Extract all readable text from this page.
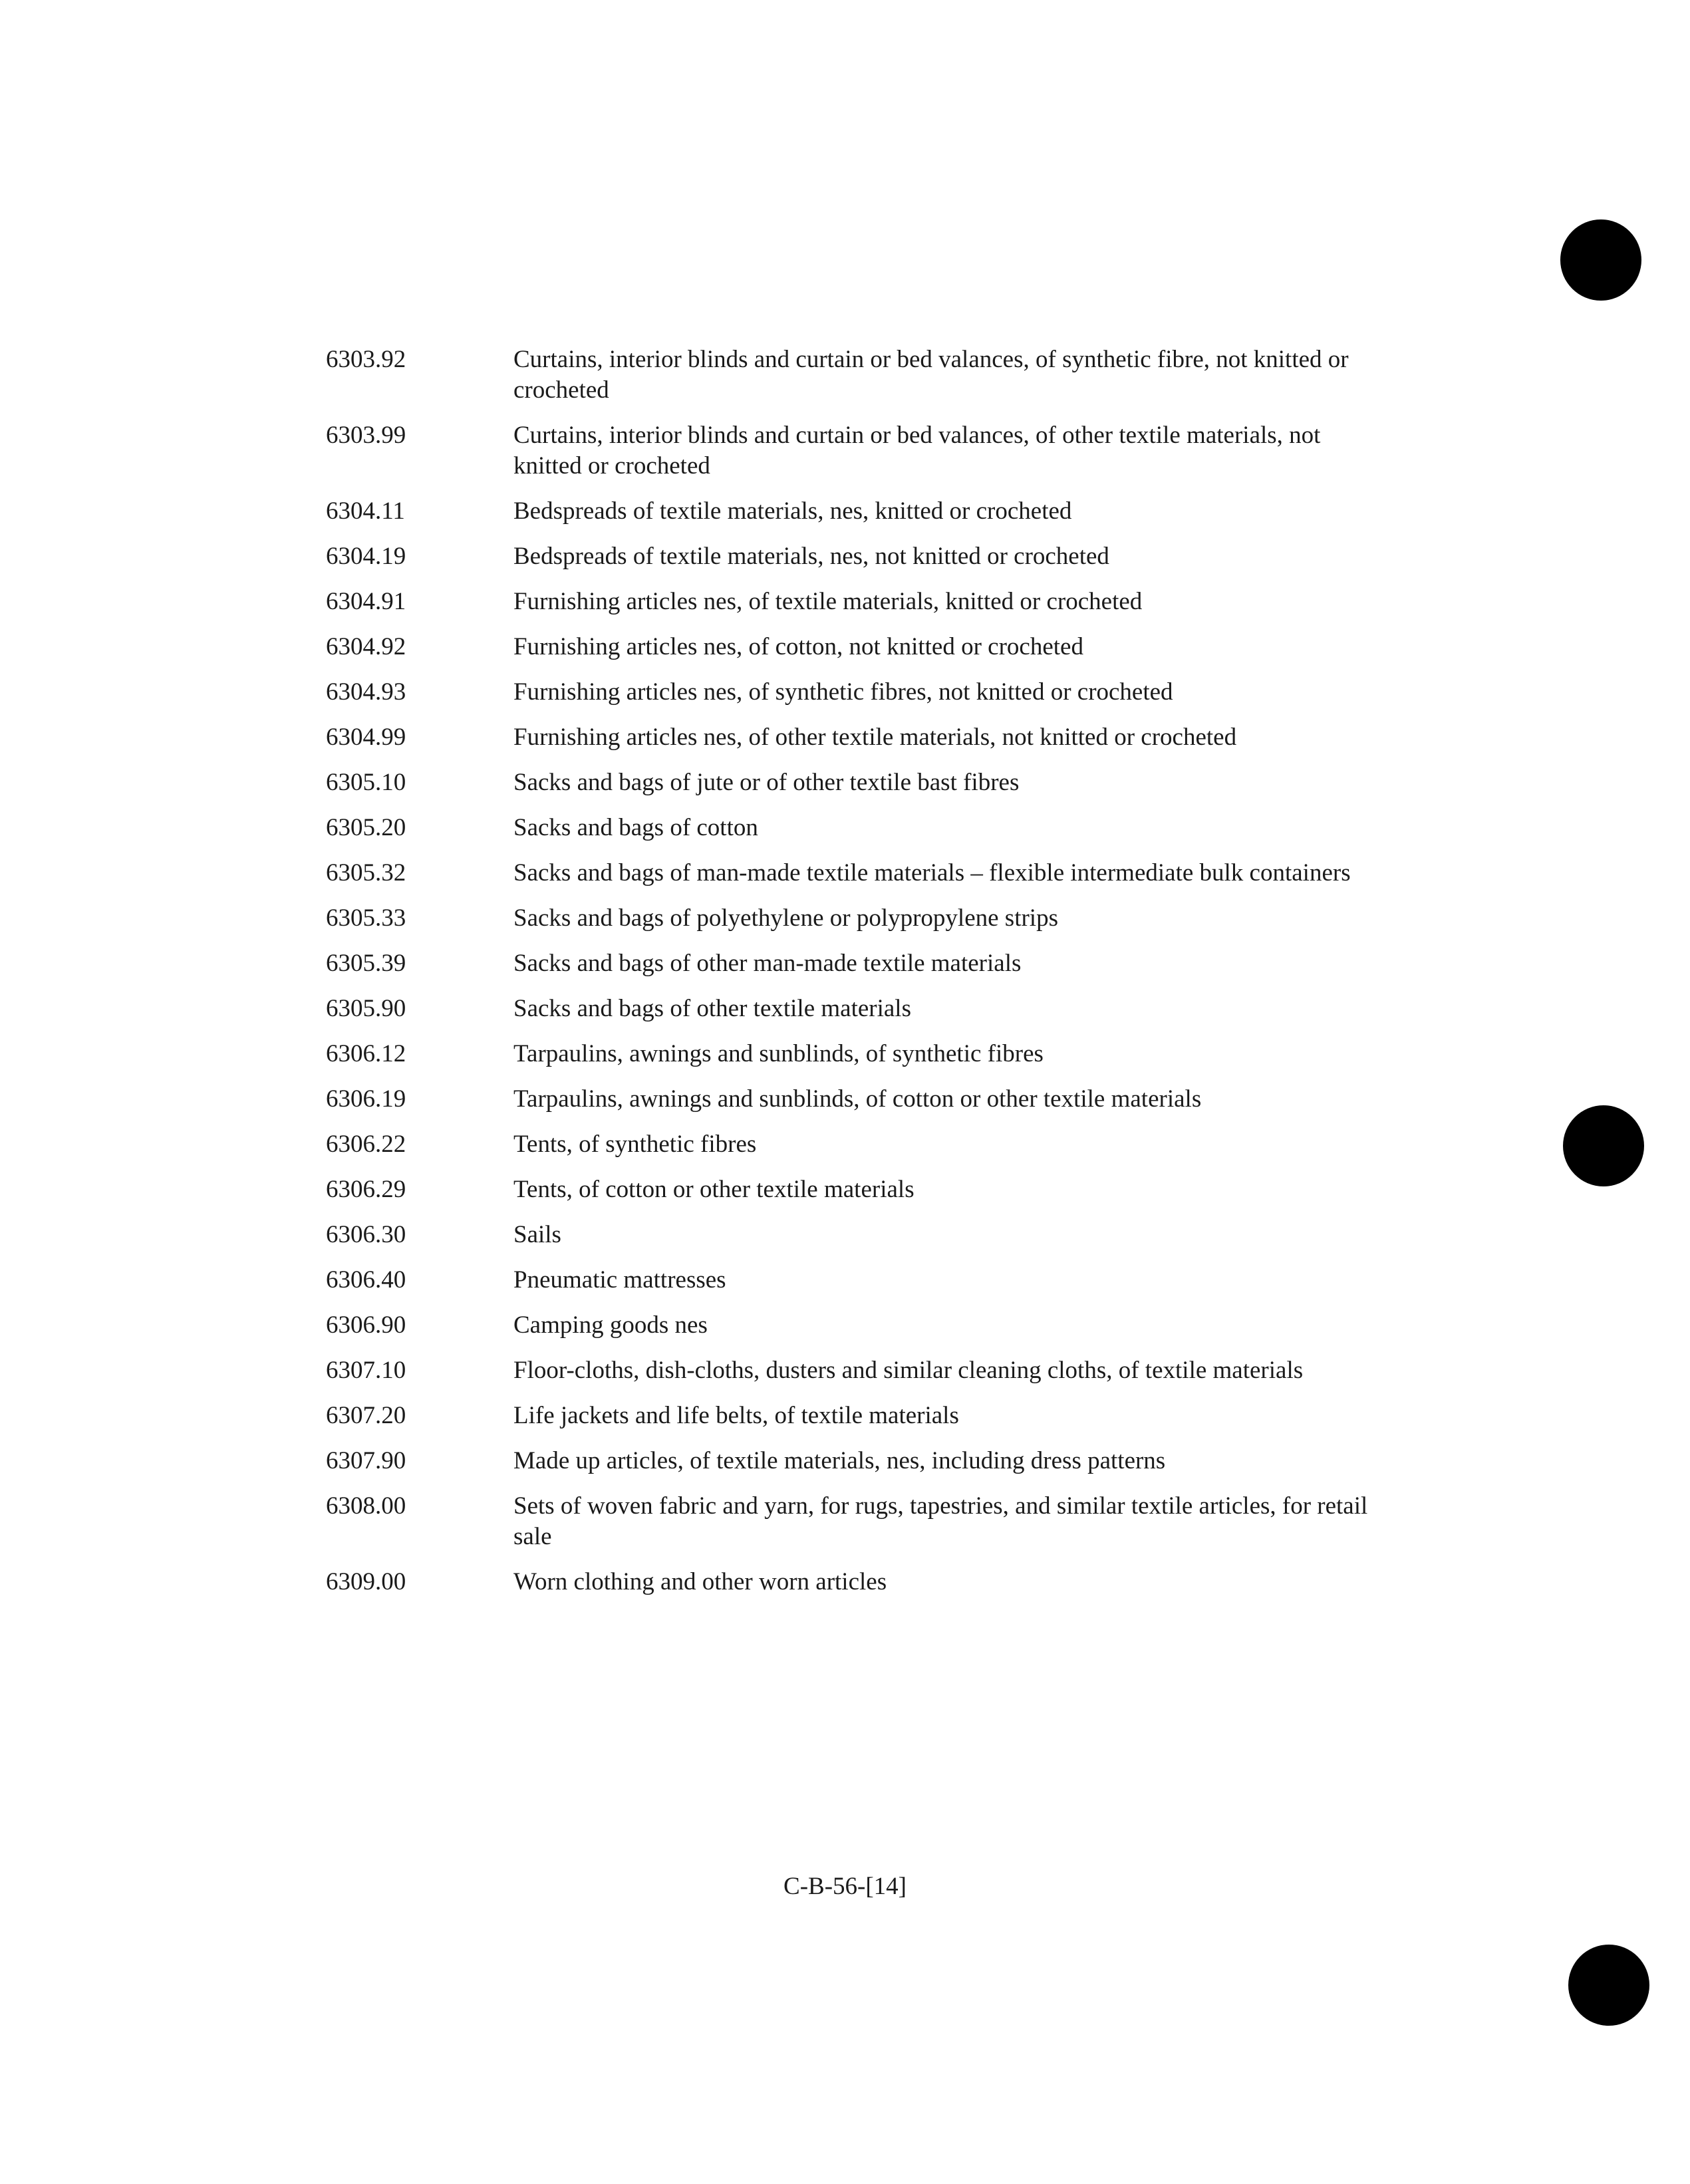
6303.92	Curtains, interior blinds and curtain or bed valances, of synthetic fibre, not knitted or crocheted
6303.99	Curtains, interior blinds and curtain or bed valances, of other textile materials, not knitted or crocheted
6304.11	Bedspreads of textile materials, nes, knitted or crocheted
6304.19	Bedspreads of textile materials, nes, not knitted or crocheted
6304.91	Furnishing articles nes, of textile materials, knitted or crocheted
6304.92	Furnishing articles nes, of cotton, not knitted or crocheted
6304.93	Furnishing articles nes, of synthetic fibres, not knitted or crocheted
6304.99	Furnishing articles nes, of other textile materials, not knitted or crocheted
6305.10	Sacks and bags of jute or of other textile bast fibres
6305.20	Sacks and bags of cotton
6305.32	Sacks and bags of man-made textile materials – flexible intermediate bulk containers
6305.33	Sacks and bags of polyethylene or polypropylene strips
6305.39	Sacks and bags of other man-made textile materials
6305.90	Sacks and bags of other textile materials
6306.12	Tarpaulins, awnings and sunblinds, of synthetic fibres
6306.19	Tarpaulins, awnings and sunblinds, of cotton or other textile materials
6306.22	Tents, of synthetic fibres
6306.29	Tents, of cotton or other textile materials
6306.30	Sails
6306.40	Pneumatic mattresses
6306.90	Camping goods nes
6307.10	Floor-cloths, dish-cloths, dusters and similar cleaning cloths, of textile materials
6307.20	Life jackets and life belts, of textile materials
6307.90	Made up articles, of textile materials, nes, including dress patterns
6308.00	Sets of woven fabric and yarn, for rugs, tapestries, and similar textile articles, for retail sale
6309.00	Worn clothing and other worn articles
C-B-56-[14]
